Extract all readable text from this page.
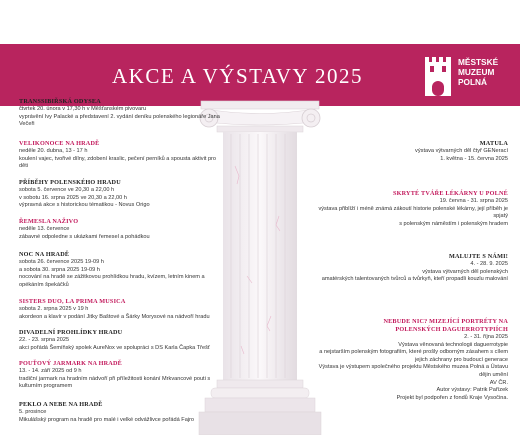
AKCE A VÝSTAVY 2025
MĚSTSKÉ
MUZEUM
POLNÁ
TRANSSIBIŘSKÁ ODYSEA
čtvrtek 20. února v 17,30 h v Měšťanském pivovaru
vyprávění Ivy Palacké a představení 2. vydání deníku polenského legionáře Jana
Večeři
VELIKONOCE NA HRADĚ
neděle 20. dubna, 13 - 17 h
koulení vajec, tvořivé dílny, zdobení kraslic, pečení perníků a spousta aktivit pro
děti
PŘÍBĚHY POLENSKÉHO HRADU
sobota 5. července ve 20,30 a 22,00 h
v sobotu 16. srpna 2025 ve 20,30 a 22,00 h
výpravná akce s historickou tématikou - Novus Origo
ŘEMESLA NAŽIVO
neděle 13. července
zábavné odpoledne s ukázkami řemesel a pohádkou
NOC NA HRADĚ
sobota 26. července 2025 19-09 h
a sobota 30. srpna 2025 19-09 h
nocování na hradě se zážitkovou prohlídkou hradu, kvízem, letním kinem a
opékáním špekáčků
SISTERS DUO, LA PRIMA MUSICA
sobota 2. srpna 2025 v 19 h
akordeon a klavír v podání Jitky Baštové a Šárky Morysové na nádvoří hradu
DIVADELNÍ PROHLÍDKY HRADU
22. - 23. srpna 2025
akci pořádá Šemíňský spolek AureNox ve spolupráci s DS Karla Čapka Třešť
POUŤOVÝ JARMARK NA HRADĚ
13. - 14. září 2025 od 9 h
tradiční jarmark na hradním nádvoří při příležitosti konání Mrkvancové pouti s
kulturním programem
PEKLO A NEBE NA HRADĚ
5. prosince
Mikulášský program na hradě pro malé i velké odvážlivce pořádá Fajro
MATULA
výstava výtvarných děl čtyř GENerací
1. května - 15. června 2025
SKRYTÉ TVÁŘE LÉKÁRNY U POLNÉ
19. června - 31. srpna 2025
výstava přiblíží i méně známá zákoutí historie polenské lékárny, její příběh je
spjatý
s polenským náměstím i polenským hradem
MALUJTE S NÁMI!
4. - 28. 9. 2025
výstava výtvarných děl polenských
amatérských talentovaných tvůrců a tvůrkyň, kteří propadli kouzlu malování
NEBUDE NIC? MIZEJÍCÍ PORTRÉTY NA POLENSKÝCH DAGUERROTYPIÍCH
2. - 31. října 2025
Výstava věnovaná technologii daguerrotypie
a nejstarším polenským fotografiím, které prošly odborným zásahem s cílem
jejich záchrany pro budoucí generace
Výstava je výstupem společného projektu Městského muzea Polná a Ústavu
dějin umění
AV ČR.
Autor výstavy: Patrik Pařízek
Projekt byl podpořen z fondů Kraje Vysočina.
